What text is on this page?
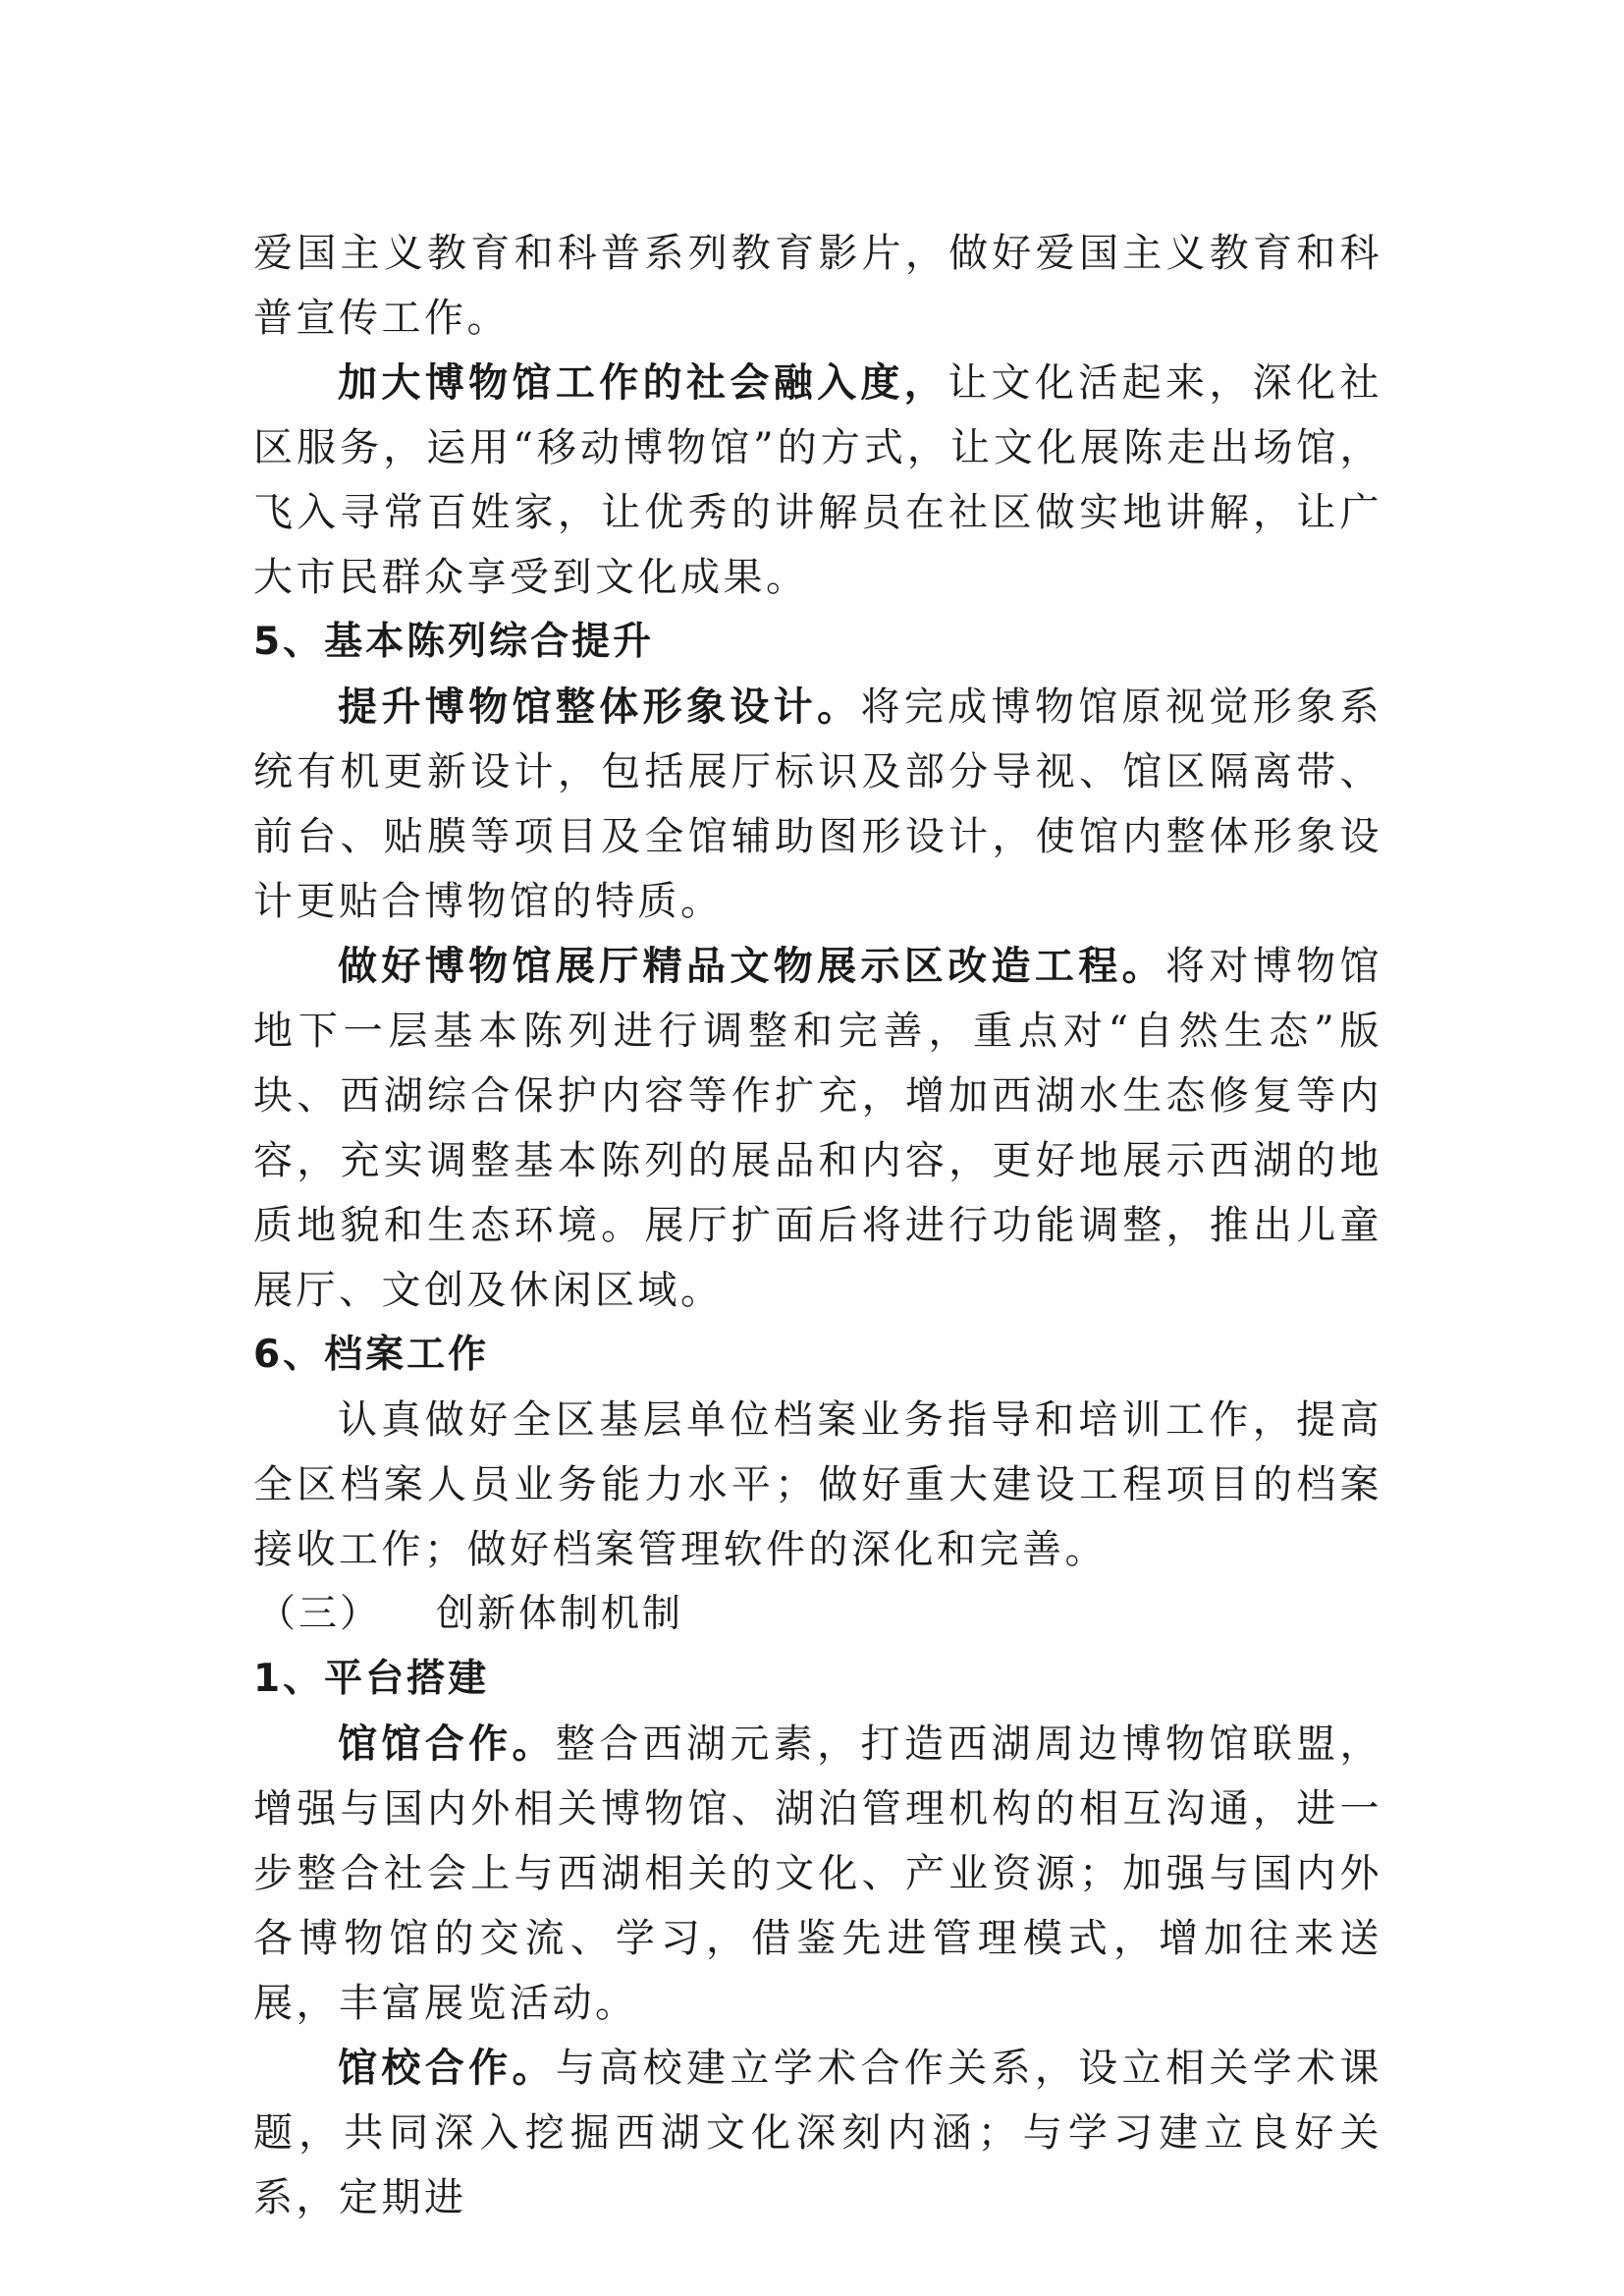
爱国主义教育和科普系列教育影片，做好爱国主义教育和科普宣传工作。

加大博物馆工作的社会融入度，让文化活起来，深化社区服务，运用“移动博物馆”的方式，让文化展陈走出场馆，飞入寻常百姓家，让优秀的讲解员在社区做实地讲解，让广大市民群众享受到文化成果。

5、基本陈列综合提升

提升博物馆整体形象设计。将完成博物馆原视觉形象系统有机更新设计，包括展厅标识及部分导视、馆区隔离带、前台、贴膜等项目及全馆辅助图形设计，使馆内整体形象设计更贴合博物馆的特质。

做好博物馆展厅精品文物展示区改造工程。将对博物馆地下一层基本陈列进行调整和完善，重点对“自然生态”版块、西湖综合保护内容等作扩充，增加西湖水生态修复等内容，充实调整基本陈列的展品和内容，更好地展示西湖的地质地貌和生态环境。展厅扩面后将进行功能调整，推出儿童展厅、文创及休闲区域。

6、档案工作

认真做好全区基层单位档案业务指导和培训工作，提高全区档案人员业务能力水平；做好重大建设工程项目的档案接收工作；做好档案管理软件的深化和完善。

（三） 创新体制机制
1、平台搭建

馆馆合作。整合西湖元素，打造西湖周边博物馆联盟，增强与国内外相关博物馆、湖泊管理机构的相互沟通，进一步整合社会上与西湖相关的文化、产业资源；加强与国内外各博物馆的交流、学习，借鉴先进管理模式，增加往来送展，丰富展览活动。

馆校合作。与高校建立学术合作关系，设立相关学术课题，共同深入挖掘西湖文化深刻内涵；与学习建立良好关系，定期进
